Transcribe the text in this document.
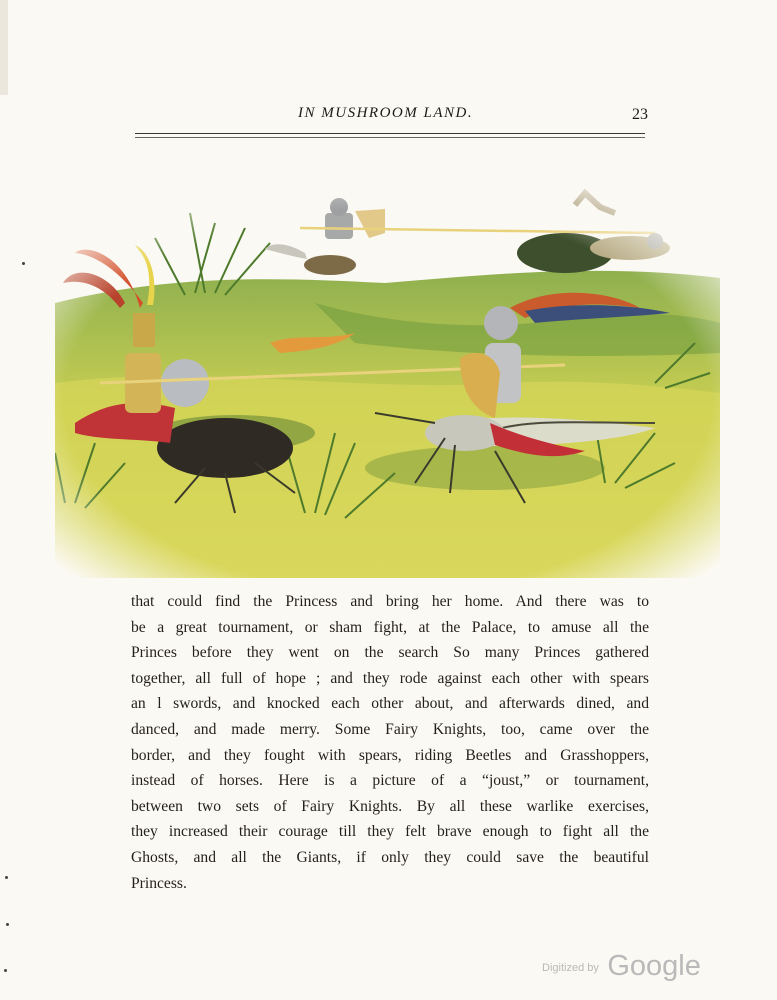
IN MUSHROOM LAND.	23
that could find the Princess and bring her home. And there was to
be a great tournament, or sham fight, at the Palace, to amuse all the
Princes before they went on the search So many Princes gathered
together, all full of hope ; and they rode against each other with spears
an l swords, and knocked each other about, and afterwards dined, and
danced, and made merry. Some Fairy Knights, too, came over the
border, and they fought with spears, riding Beetles and Grasshoppers,
instead of horses. Here is a picture of a “joust,” or tournament,
between two sets of Fairy Knights. By all these warlike exercises,
they increased their courage till they felt brave enough to fight all the
Ghosts, and all the Giants, if only they could save the beautiful
Princess.
$^{Digitized by}$ Google
